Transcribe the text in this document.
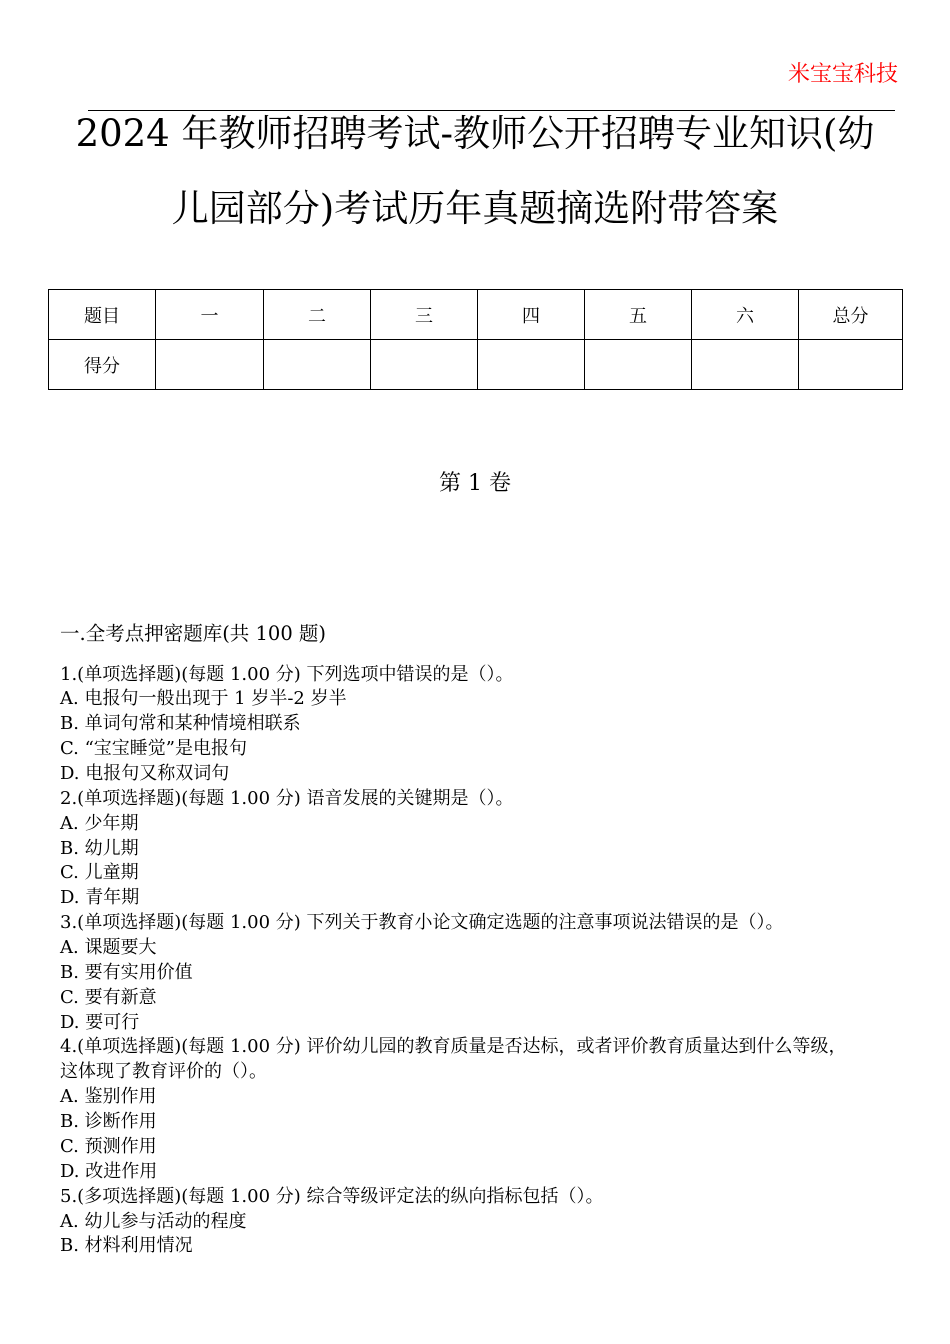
米宝宝科技
2024 年教师招聘考试-教师公开招聘专业知识(幼
儿园部分)考试历年真题摘选附带答案
题目	一	二	三	四	五	六	总分
得分							
第 1 卷
一.全考点押密题库(共 100 题)
1.(单项选择题)(每题 1.00 分) 下列选项中错误的是（）。
A. 电报句一般出现于 1 岁半-2 岁半
B. 单词句常和某种情境相联系
C. “宝宝睡觉”是电报句
D. 电报句又称双词句
2.(单项选择题)(每题 1.00 分) 语音发展的关键期是（）。
A. 少年期
B. 幼儿期
C. 儿童期
D. 青年期
3.(单项选择题)(每题 1.00 分) 下列关于教育小论文确定选题的注意事项说法错误的是（）。
A. 课题要大
B. 要有实用价值
C. 要有新意
D. 要可行
4.(单项选择题)(每题 1.00 分) 评价幼儿园的教育质量是否达标，或者评价教育质量达到什么等级，
这体现了教育评价的（）。
A. 鉴别作用
B. 诊断作用
C. 预测作用
D. 改进作用
5.(多项选择题)(每题 1.00 分) 综合等级评定法的纵向指标包括（）。
A. 幼儿参与活动的程度
B. 材料利用情况
